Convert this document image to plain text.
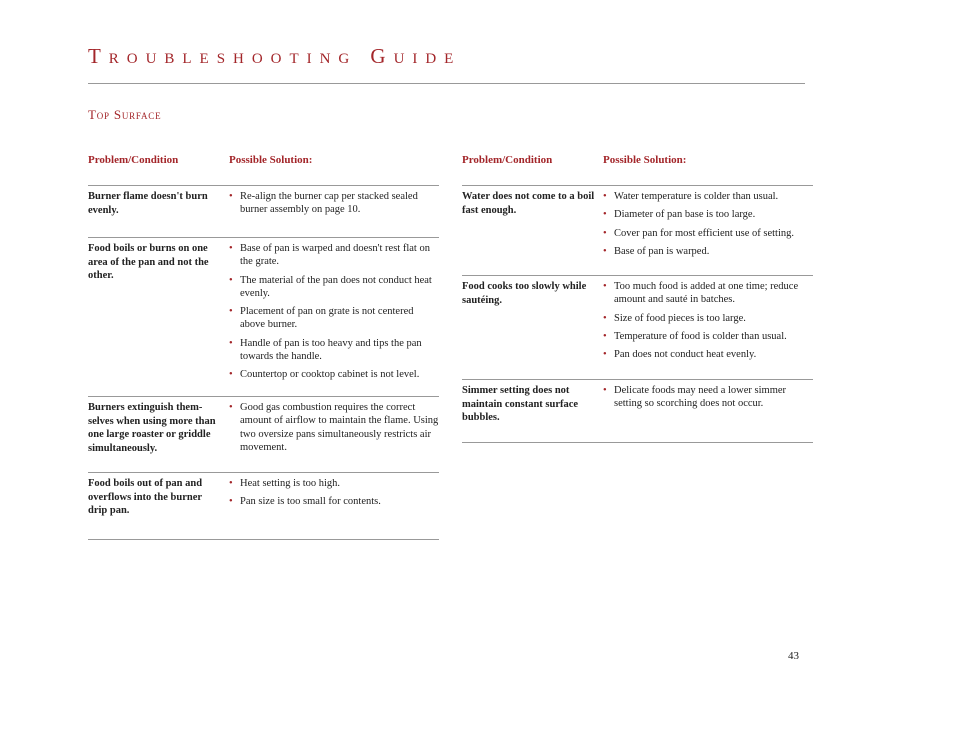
Troubleshooting Guide
Top Surface
Problem/Condition	Possible Solution:
Burner flame doesn't burn evenly.
• Re-align the burner cap per stacked sealed burner assembly on page 10.
Food boils or burns on one area of the pan and not the other.
• Base of pan is warped and doesn't rest flat on the grate.
• The material of the pan does not conduct heat evenly.
• Placement of pan on grate is not centered above burner.
• Handle of pan is too heavy and tips the pan towards the handle.
• Countertop or cooktop cabinet is not level.
Burners extinguish them-selves when using more than one large roaster or griddle simultaneously.
• Good gas combustion requires the correct amount of airflow to maintain the flame. Using two oversize pans simultaneously restricts air movement.
Food boils out of pan and overflows into the burner drip pan.
• Heat setting is too high.
• Pan size is too small for contents.
Problem/Condition	Possible Solution:
Water does not come to a boil fast enough.
• Water temperature is colder than usual.
• Diameter of pan base is too large.
• Cover pan for most efficient use of setting.
• Base of pan is warped.
Food cooks too slowly while sautéing.
• Too much food is added at one time; reduce amount and sauté in batches.
• Size of food pieces is too large.
• Temperature of food is colder than usual.
• Pan does not conduct heat evenly.
Simmer setting does not maintain constant surface bubbles.
• Delicate foods may need a lower simmer setting so scorching does not occur.
43
